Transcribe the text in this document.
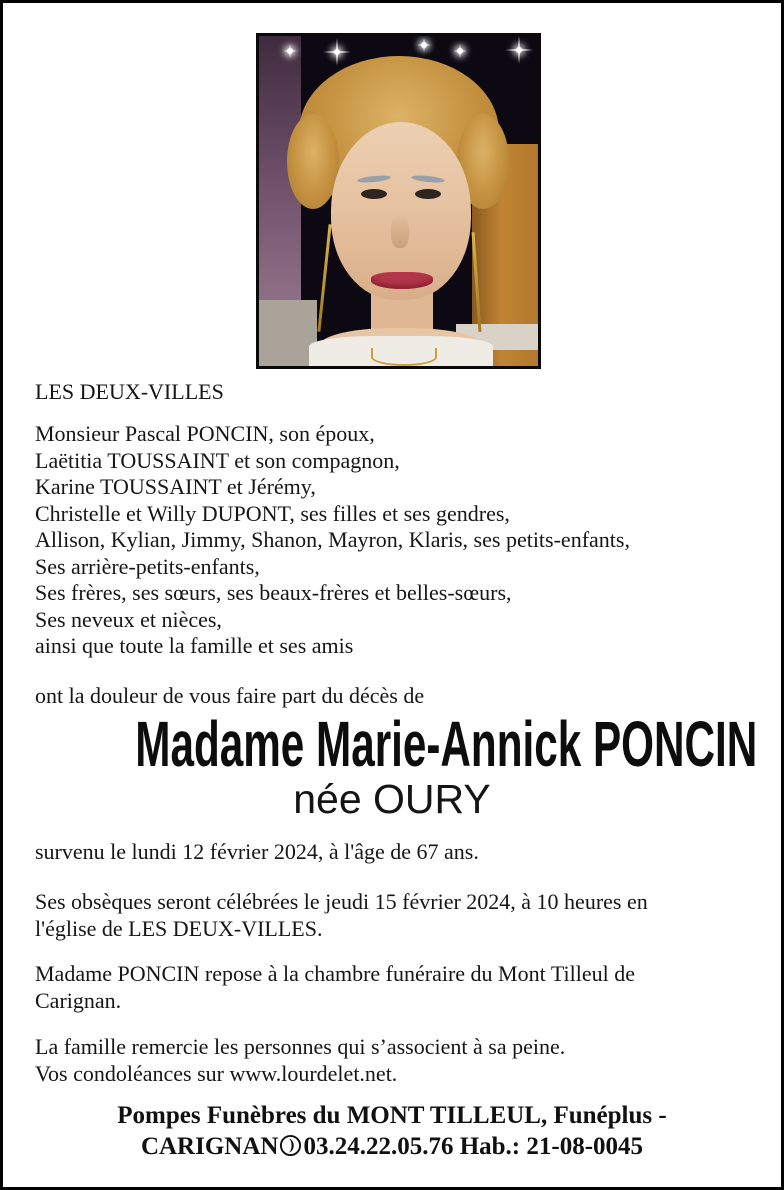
LES DEUX-VILLES
Monsieur Pascal PONCIN, son époux,
Laëtitia TOUSSAINT et son compagnon,
Karine TOUSSAINT et Jérémy,
Christelle et Willy DUPONT, ses filles et ses gendres,
Allison, Kylian, Jimmy, Shanon, Mayron, Klaris, ses petits-enfants,
Ses arrière-petits-enfants,
Ses frères, ses sœurs, ses beaux-frères et belles-sœurs,
Ses neveux et nièces,
ainsi que toute la famille et ses amis
ont la douleur de vous faire part du décès de
Madame Marie-Annick PONCIN
née OURY
survenu le lundi 12 février 2024, à l'âge de 67 ans.
Ses obsèques seront célébrées le jeudi 15 février 2024, à 10 heures en
l'église de LES DEUX-VILLES.
Madame PONCIN repose à la chambre funéraire du Mont Tilleul de
Carignan.
La famille remercie les personnes qui s’associent à sa peine.
Vos condoléances sur www.lourdelet.net.
Pompes Funèbres du MONT TILLEUL, Funéplus -
CARIGNAN 03.24.22.05.76 Hab.: 21-08-0045
